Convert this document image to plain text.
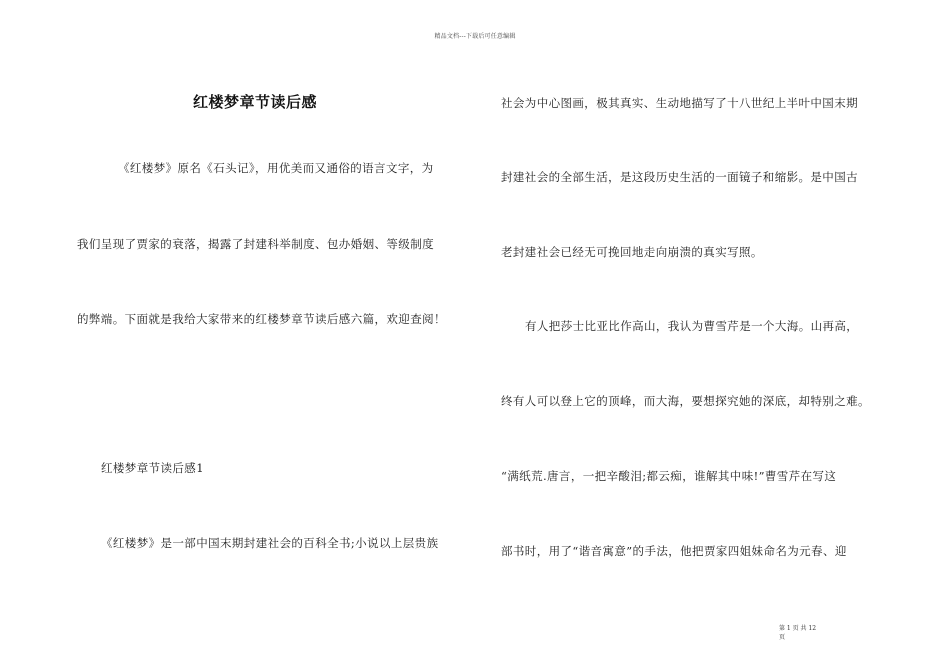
精品文档---下载后可任意编辑
红楼梦章节读后感
《红楼梦》原名《石头记》，用优美而又通俗的语言文字，为
我们呈现了贾家的衰落，揭露了封建科举制度、包办婚姻、等级制度
的弊端。下面就是我给大家带来的红楼梦章节读后感六篇，欢迎查阅！
红楼梦章节读后感1
《红楼梦》是一部中国末期封建社会的百科全书;小说以上层贵族
社会为中心图画，极其真实、生动地描写了十八世纪上半叶中国末期
封建社会的全部生活，是这段历史生活的一面镜子和缩影。是中国古
老封建社会已经无可挽回地走向崩溃的真实写照。
有人把莎士比亚比作高山，我认为曹雪芹是一个大海。山再高，
终有人可以登上它的顶峰，而大海，要想探究她的深底，却特别之难。
“满纸荒.唐言，一把辛酸泪;都云痴，谁解其中味!”曹雪芹在写这
部书时，用了“谐音寓意”的手法，他把贾家四姐妹命名为元春、迎
第 1 页 共 12
页
